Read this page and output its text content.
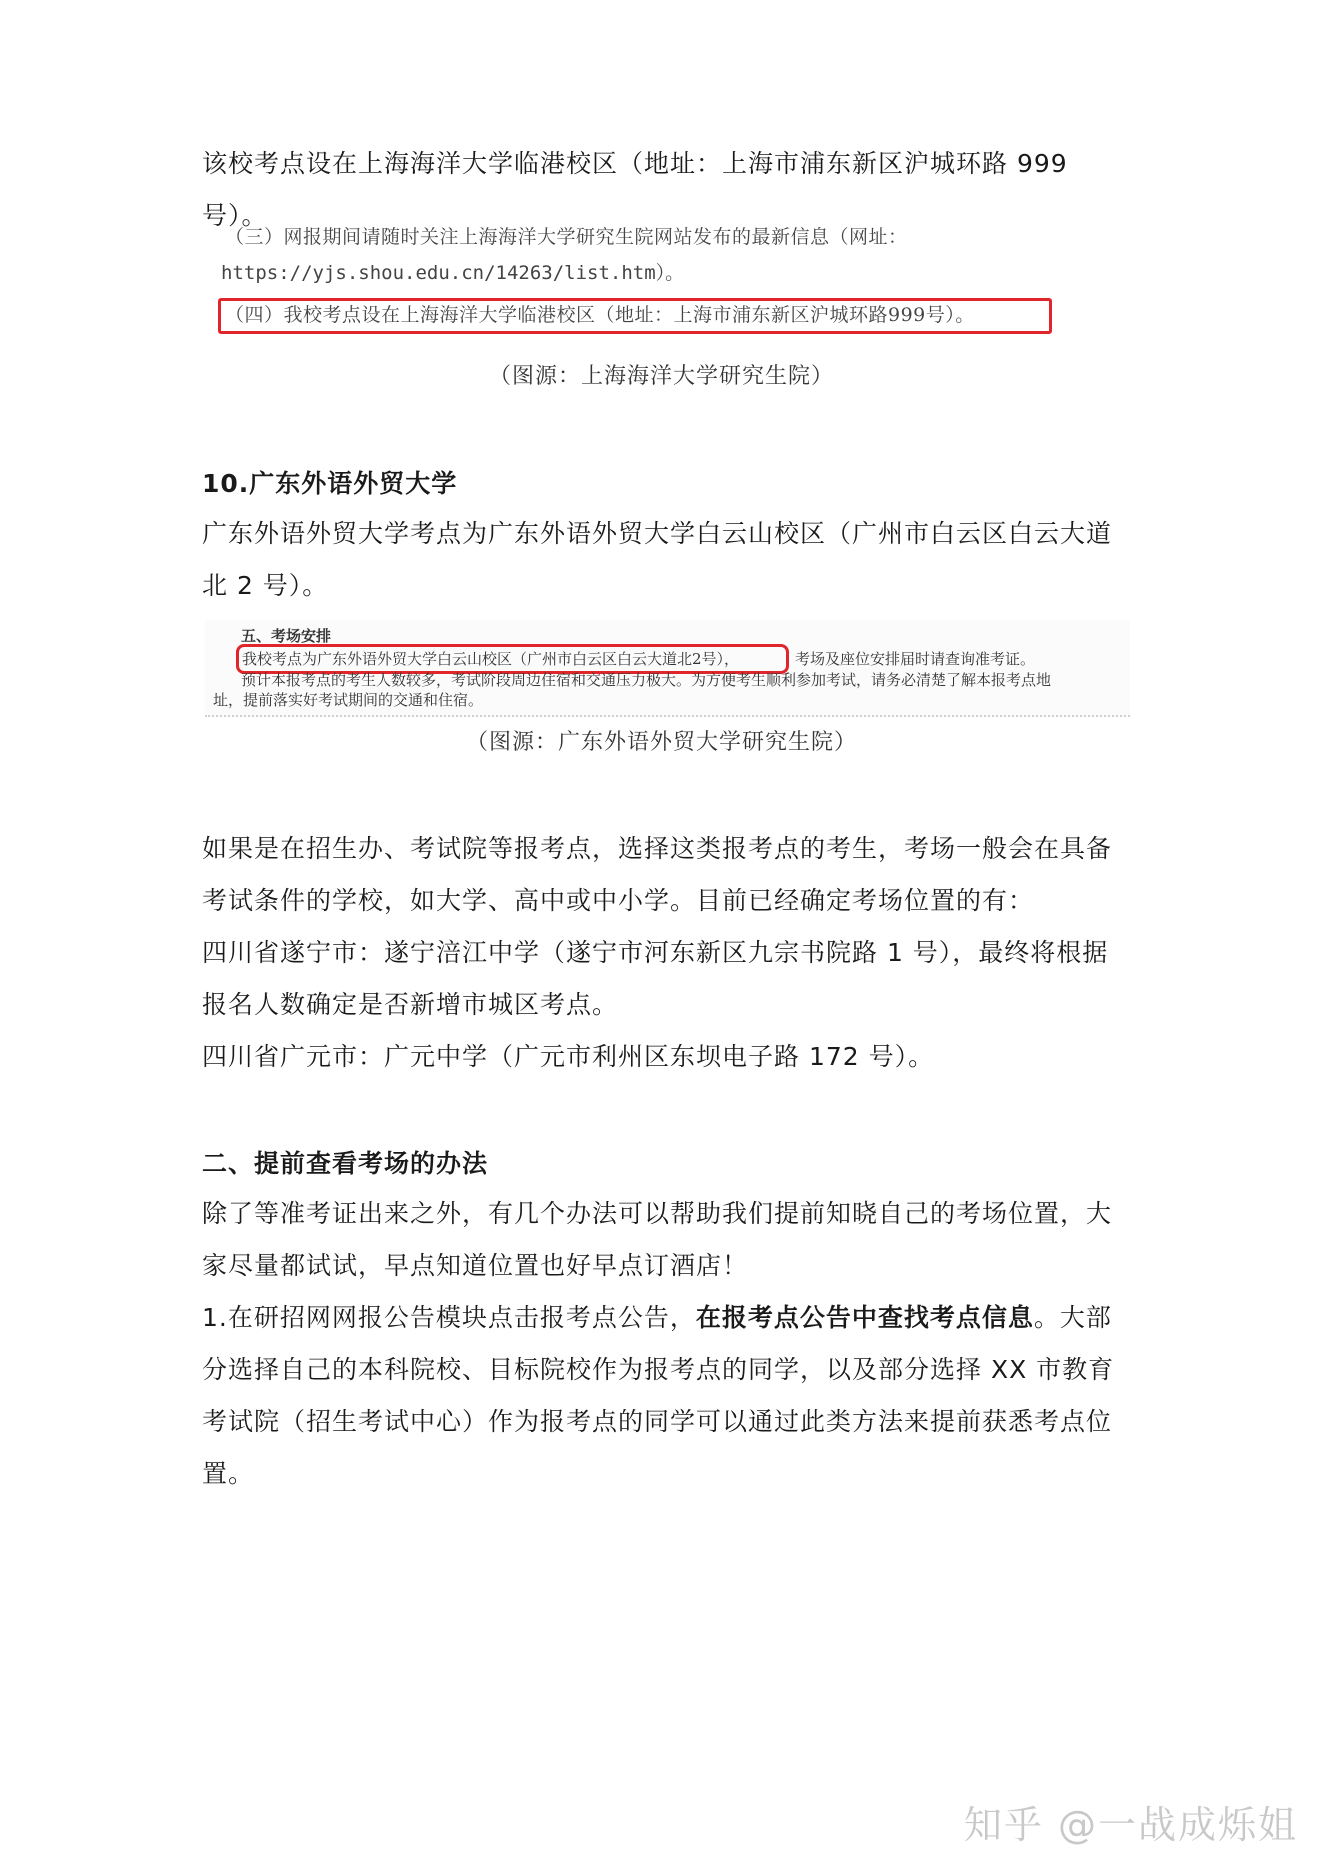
该校考点设在上海海洋大学临港校区（地址：上海市浦东新区沪城环路 999 号）。

（三）网报期间请随时关注上海海洋大学研究生院网站发布的最新信息（网址：
https://yjs.shou.edu.cn/14263/list.htm）。
（四）我校考点设在上海海洋大学临港校区（地址：上海市浦东新区沪城环路999号）。

（图源：上海海洋大学研究生院）

10.广东外语外贸大学

广东外语外贸大学考点为广东外语外贸大学白云山校区（广州市白云区白云大道北 2 号）。

五、考场安排
我校考点为广东外语外贸大学白云山校区（广州市白云区白云大道北2号），	考场及座位安排届时请查询准考证。
预计本报考点的考生人数较多，考试阶段周边住宿和交通压力极大。为方便考生顺利参加考试，请务必清楚了解本报考点地
址，提前落实好考试期间的交通和住宿。

（图源：广东外语外贸大学研究生院）

如果是在招生办、考试院等报考点，选择这类报考点的考生，考场一般会在具备考试条件的学校，如大学、高中或中小学。目前已经确定考场位置的有：

四川省遂宁市：遂宁涪江中学（遂宁市河东新区九宗书院路 1 号），最终将根据报名人数确定是否新增市城区考点。

四川省广元市：广元中学（广元市利州区东坝电子路 172 号）。

二、提前查看考场的办法

除了等准考证出来之外，有几个办法可以帮助我们提前知晓自己的考场位置，大家尽量都试试，早点知道位置也好早点订酒店！

1.在研招网网报公告模块点击报考点公告，在报考点公告中查找考点信息。大部分选择自己的本科院校、目标院校作为报考点的同学，以及部分选择 XX 市教育考试院（招生考试中心）作为报考点的同学可以通过此类方法来提前获悉考点位置。

知乎 @一战成烁姐
